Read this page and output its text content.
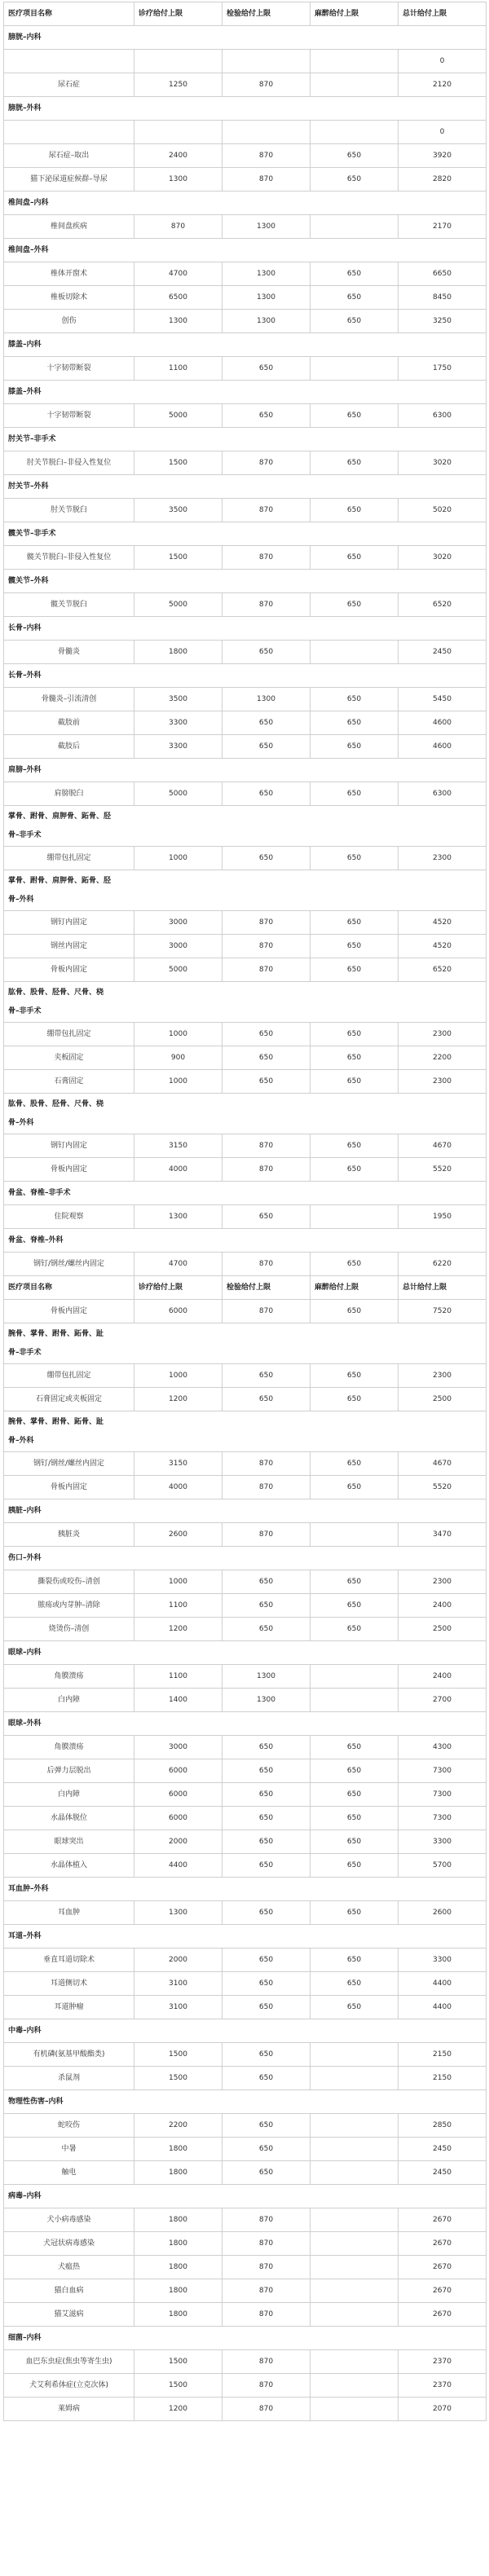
医疗项目名称	诊疗给付上限	检验给付上限	麻醉给付上限	总计给付上限
膀胱–内科				
				0
尿石症	1250	870		2120
膀胱–外科				
				0
尿石症–取出	2400	870	650	3920
猫下泌尿道症候群–导尿	1300	870	650	2820
椎间盘–内科				
椎间盘疾病	870	1300		2170
椎间盘–外科				
椎体开窗术	4700	1300	650	6650
椎板切除术	6500	1300	650	8450
创伤	1300	1300	650	3250
膝盖–内科				
十字韧带断裂	1100	650		1750
膝盖–外科				
十字韧带断裂	5000	650	650	6300
肘关节–非手术				
肘关节脱臼–非侵入性复位	1500	870	650	3020
肘关节–外科				
肘关节脱臼	3500	870	650	5020
髋关节–非手术				
髋关节脱臼–非侵入性复位	1500	870	650	3020
髋关节–外科				
髋关节脱臼	5000	870	650	6520
长骨–内科				
骨髓炎	1800	650		2450
长骨–外科				
骨髓炎–引流清创	3500	1300	650	5450
截肢前	3300	650	650	4600
截肢后	3300	650	650	4600
肩膀–外科				
肩膀脱臼	5000	650	650	6300

掌骨、跗骨、肩胛骨、跖骨、胫
骨–非手术				

绷带包扎固定	1000	650	650	2300

掌骨、跗骨、肩胛骨、跖骨、胫
骨–外科				

钢钉内固定	3000	870	650	4520
钢丝内固定	3000	870	650	4520
骨板内固定	5000	870	650	6520

肱骨、股骨、胫骨、尺骨、桡
骨–非手术				

绷带包扎固定	1000	650	650	2300
夹板固定	900	650	650	2200
石膏固定	1000	650	650	2300

肱骨、股骨、胫骨、尺骨、桡
骨–外科				

钢钉内固定	3150	870	650	4670
骨板内固定	4000	870	650	5520
骨盆、脊椎–非手术				
住院观察	1300	650		1950
骨盆、脊椎–外科				
钢钉/钢丝/螺丝内固定	4700	870	650	6220
医疗项目名称	诊疗给付上限	检验给付上限	麻醉给付上限	总计给付上限
骨板内固定	6000	870	650	7520

腕骨、掌骨、跗骨、跖骨、趾
骨–非手术				

绷带包扎固定	1000	650	650	2300
石膏固定或夹板固定	1200	650	650	2500

腕骨、掌骨、跗骨、跖骨、趾
骨–外科				

钢钉/钢丝/螺丝内固定	3150	870	650	4670
骨板内固定	4000	870	650	5520
胰脏–内科				
胰脏炎	2600	870		3470
伤口–外科				
撕裂伤或咬伤–清创	1000	650	650	2300
脓疡或内芽肿–清除	1100	650	650	2400
烧烫伤–清创	1200	650	650	2500
眼球–内科				
角膜溃疡	1100	1300		2400
白内障	1400	1300		2700
眼球–外科				
角膜溃疡	3000	650	650	4300
后弹力层脱出	6000	650	650	7300
白内障	6000	650	650	7300
水晶体脱位	6000	650	650	7300
眼球突出	2000	650	650	3300
水晶体植入	4400	650	650	5700
耳血肿–外科				
耳血肿	1300	650	650	2600
耳道–外科				
垂直耳道切除术	2000	650	650	3300
耳道侧切术	3100	650	650	4400
耳道肿瘤	3100	650	650	4400
中毒–内科				
有机磷(氨基甲酸酯类)	1500	650		2150
杀鼠剂	1500	650		2150
物理性伤害–内科				
蛇咬伤	2200	650		2850
中暑	1800	650		2450
触电	1800	650		2450
病毒–内科				
犬小病毒感染	1800	870		2670
犬冠状病毒感染	1800	870		2670
犬瘟热	1800	870		2670
猫白血病	1800	870		2670
猫艾滋病	1800	870		2670
细菌–内科				
血巴东虫症(焦虫等寄生虫)	1500	870		2370
犬艾利希体症(立克次体)	1500	870		2370
莱姆病	1200	870		2070
